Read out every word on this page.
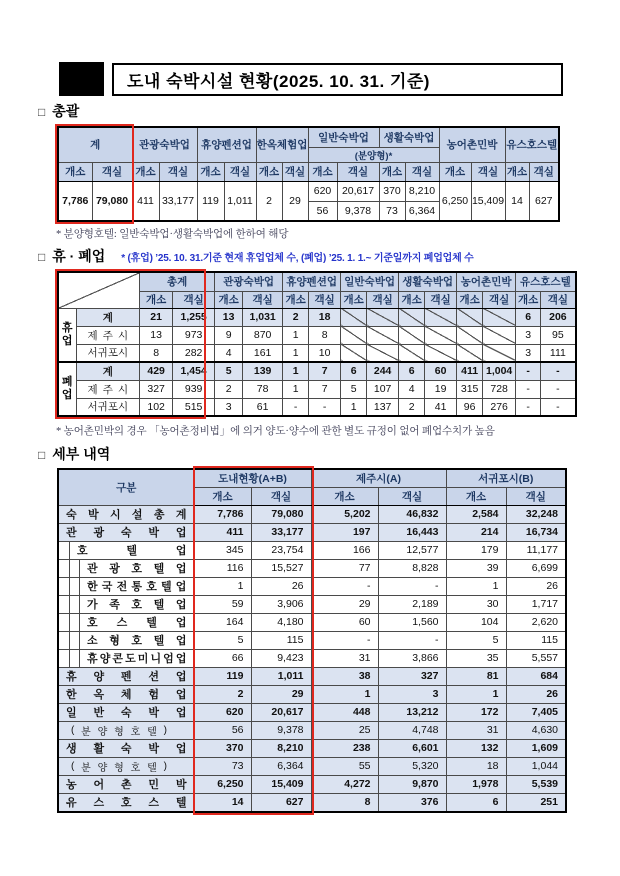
도내 숙박시설 현황(2025. 10. 31. 기준)
□ 총괄
계		관광숙박업		휴양펜션업		한옥체험업		일반숙박업		생활숙박업		농어촌민박		유스호스텔	
								(분양형)*							
개소	객실	개소	객실	개소	객실	개소	객실	개소	객실	개소	객실	개소	객실	개소	객실
7,786	79,080	411	33,177	119	1,011	2	29	620	20,617	370	8,210	6,250	15,409	14	627
								56	9,378	73	6,364				
* 분양형호텔: 일반숙박업·생활숙박업에 한하여 해당
□ 휴 · 폐업 * (휴업) ’25. 10. 31.기준 현재 휴업업체 수, (폐업) ’25. 1. 1.~ 기준일까지 폐업업체 수
		총계		관광숙박업		휴양펜션업		일반숙박업		생활숙박업		농어촌민박		유스호스텔	
		개소	객실	개소	객실	개소	객실	개소	객실	개소	객실	개소	객실	개소	객실

휴
업	계	21	1,255	13	1,031	2	18							6	206

	제 주 시	13	973	9	870	1	8							3	95

	서 귀 포 시	8	282	4	161	1	10							3	111

폐
업	계	429	1,454	5	139	1	7	6	244	6	60	411	1,004	-	-

	제 주 시	327	939	2	78	1	7	5	107	4	19	315	728	-	-

	서 귀 포 시	102	515	3	61	-	-	1	137	2	41	96	276	-	-
* 농어촌민박의 경우 「농어촌정비법」에 의거 양도·양수에 관한 별도 규정이 없어 폐업수치가 높음
□ 세부 내역
구분	도내현황(A+B)		제주시(A)		서귀포시(B)	
	개소	객실	개소	객실	개소	객실

숙 박 시 설 총 계	7,786	79,080	5,202	46,832	2,584	32,248

관 광 숙 박 업	411	33,177	197	16,443	214	16,734

호 텔 업	345	23,754	166	12,577	179	11,177

관 광 호 텔 업	116	15,527	77	8,828	39	6,699

한 국 전 통 호 텔 업	1	26	-	-	1	26

가 족 호 텔 업	59	3,906	29	2,189	30	1,717

호 스 텔 업	164	4,180	60	1,560	104	2,620

소 형 호 텔 업	5	115	-	-	5	115

휴 양 콘 도 미 니 엄 업	66	9,423	31	3,866	35	5,557

휴 양 펜 션 업	119	1,011	38	327	81	684

한 옥 체 험 업	2	29	1	3	1	26

일 반 숙 박 업	620	20,617	448	13,212	172	7,405

( 분 양 형 호 텔 )	56	9,378	25	4,748	31	4,630

생 활 숙 박 업	370	8,210	238	6,601	132	1,609

( 분 양 형 호 텔 )	73	6,364	55	5,320	18	1,044

농 어 촌 민 박	6,250	15,409	4,272	9,870	1,978	5,539

유 스 호 스 텔	14	627	8	376	6	251
